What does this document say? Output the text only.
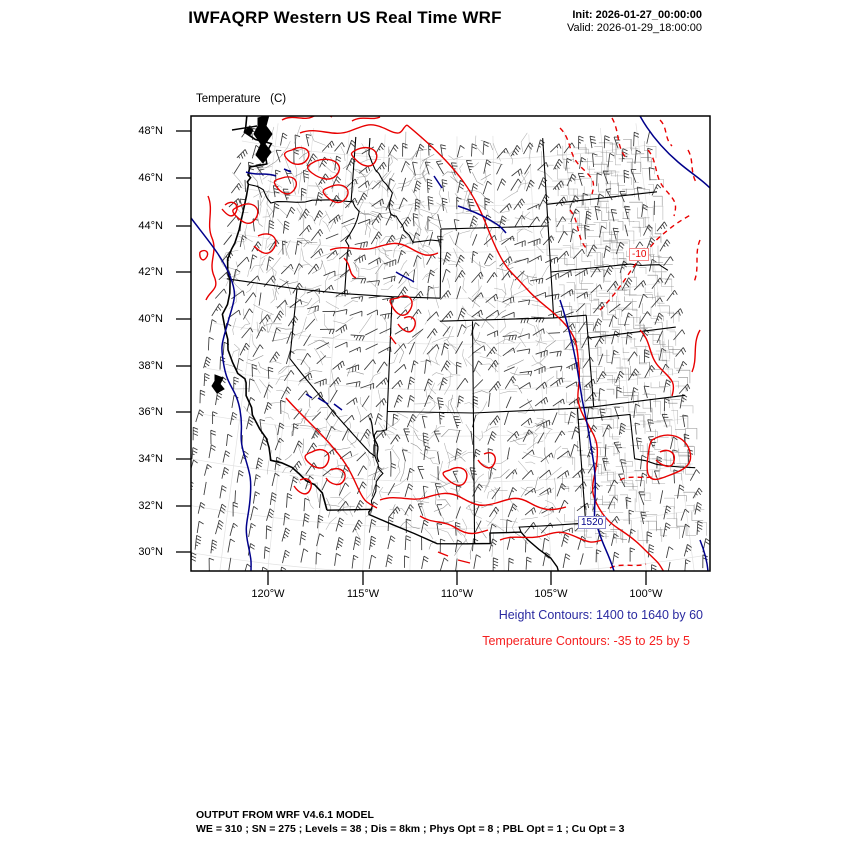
IWFAQRP Western US Real Time WRF	Init: 2026-01-27_00:00:00
Valid: 2026-01-29_18:00:00

Temperature   (C)

48°N
46°N
44°N
42°N
40°N
38°N
36°N
34°N
32°N
30°N
120°W	115°W	110°W	105°W	100°W
-10
1520
Height Contours: 1400 to 1640 by 60
Temperature Contours: -35 to 25 by 5
OUTPUT FROM WRF V4.6.1 MODEL
WE = 310 ; SN = 275 ; Levels = 38 ; Dis = 8km ; Phys Opt = 8 ; PBL Opt = 1 ; Cu Opt = 3
